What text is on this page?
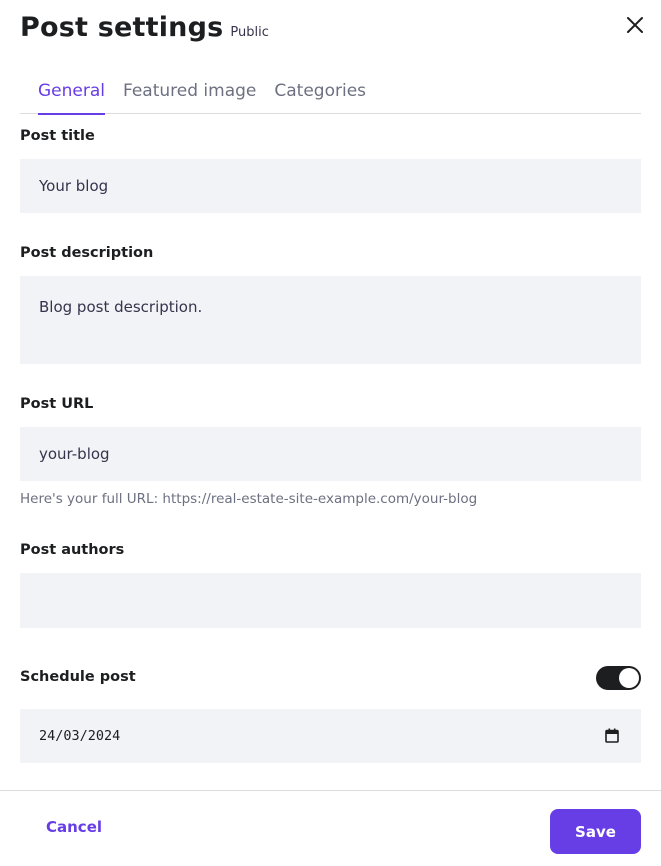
Post settings Public
General Featured image Categories
Post title
Your blog
Post description
Blog post description.
Post URL
your-blog
Here's your full URL: https://real-estate-site-example.com/your-blog
Post authors
Schedule post
24/03/2024
Cancel	Save
